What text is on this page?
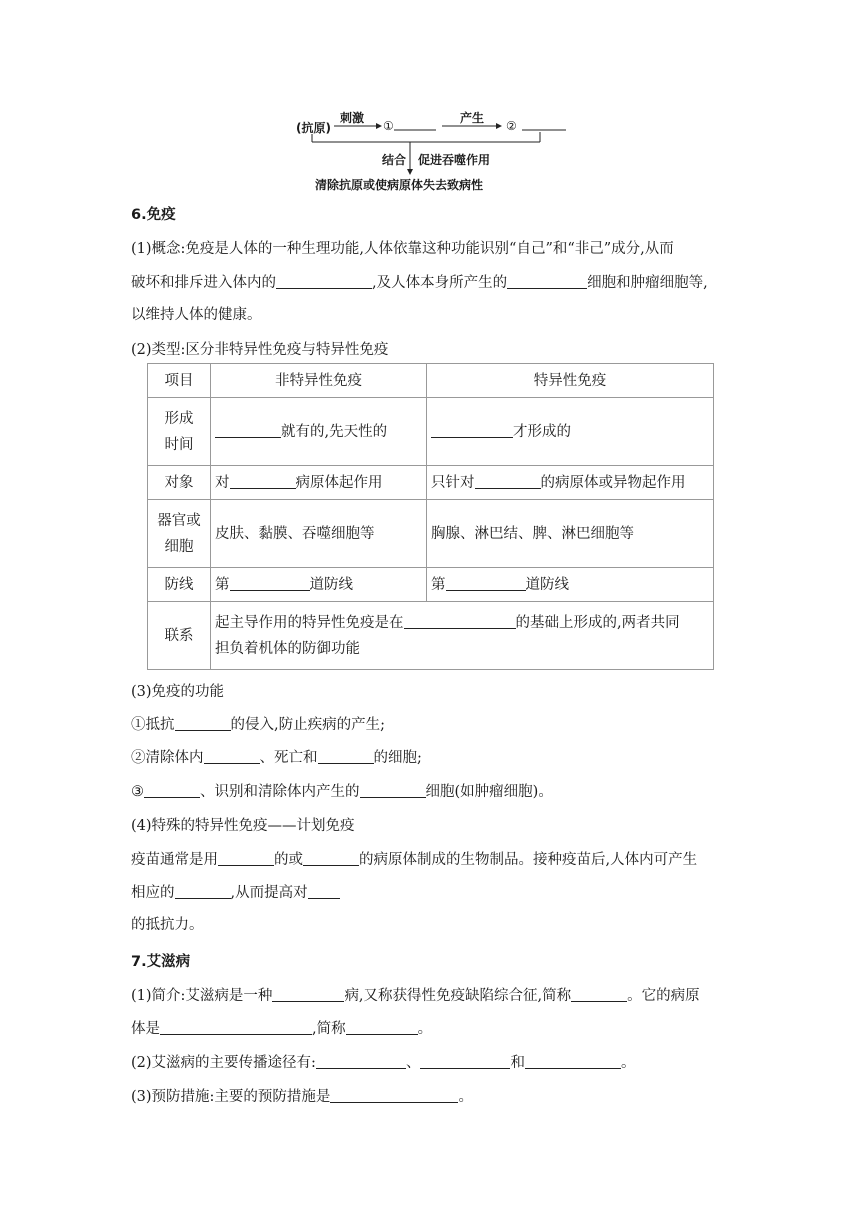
(抗原)
刺激
①
产生
②
结合 促进吞噬作用
清除抗原或使病原体失去致病性
6.免疫
(1)概念:免疫是人体的一种生理功能,人体依靠这种功能识别“自己”和“非己”成分,从而
破坏和排斥进入体内的	,及人体本身所产生的	细胞和肿瘤细胞等,
以维持人体的健康。
(2)类型:区分非特异性免疫与特异性免疫
项目	非特异性免疫	特异性免疫

形成
时间	就有的,先天性的	才形成的
对象	对 病原体起作用	只针对 的病原体或异物起作用

器官或
细胞	皮肤、黏膜、吞噬细胞等	胸腺、淋巴结、脾、淋巴细胞等
防线	第 道防线	第 道防线
联系	起主导作用的特异性免疫是在 的基础上形成的,两者共同
担负着机体的防御功能	
(3)免疫的功能
①抵抗	的侵入,防止疾病的产生;
②清除体内	、死亡和	的细胞;
③	、识别和清除体内产生的	细胞(如肿瘤细胞)。
(4)特殊的特异性免疫——计划免疫
疫苗通常是用	的或	的病原体制成的生物制品。接种疫苗后,人体内可产生
相应的	,从而提高对
的抵抗力。
7.艾滋病
(1)简介:艾滋病是一种	病,又称获得性免疫缺陷综合征,简称	。它的病原
体是	,简称	。
(2)艾滋病的主要传播途径有:	、	和	。
(3)预防措施:主要的预防措施是	。
